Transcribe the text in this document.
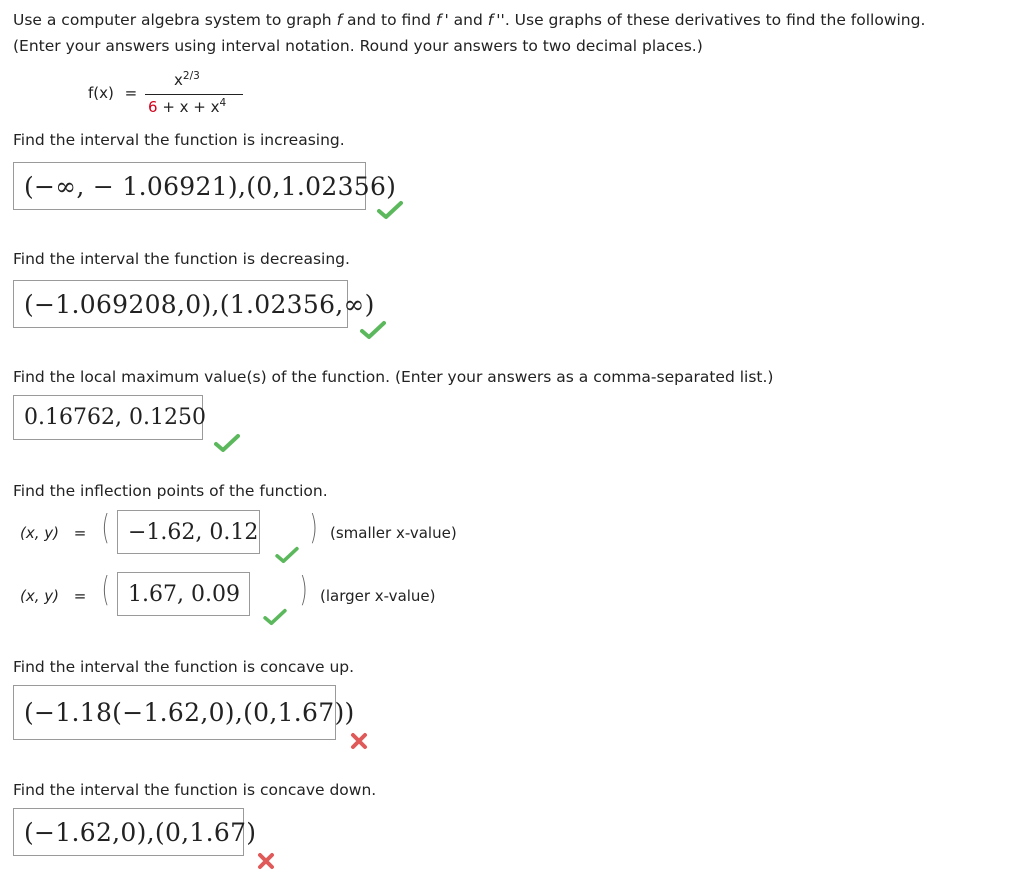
Use a computer algebra system to graph f and to find f ' and f ''. Use graphs of these derivatives to find the following.
(Enter your answers using interval notation. Round your answers to two decimal places.)
f(x) =
$x^{2/3}$
$6 + x + x^4$
Find the interval the function is increasing.
(−∞, − 1.06921),(0,1.02356)
Find the interval the function is decreasing.
(−1.069208,0),(1.02356,∞)
Find the local maximum value(s) of the function. (Enter your answers as a comma-separated list.)
0.16762, 0.1250
Find the inflection points of the function.
(x, y) = ( −1.62, 0.12 ) (smaller x-value)
(x, y) = ( 1.67, 0.09 ) (larger x-value)
Find the interval the function is concave up.
(−1.18(−1.62,0),(0,1.67))
Find the interval the function is concave down.
(−1.62,0),(0,1.67)
